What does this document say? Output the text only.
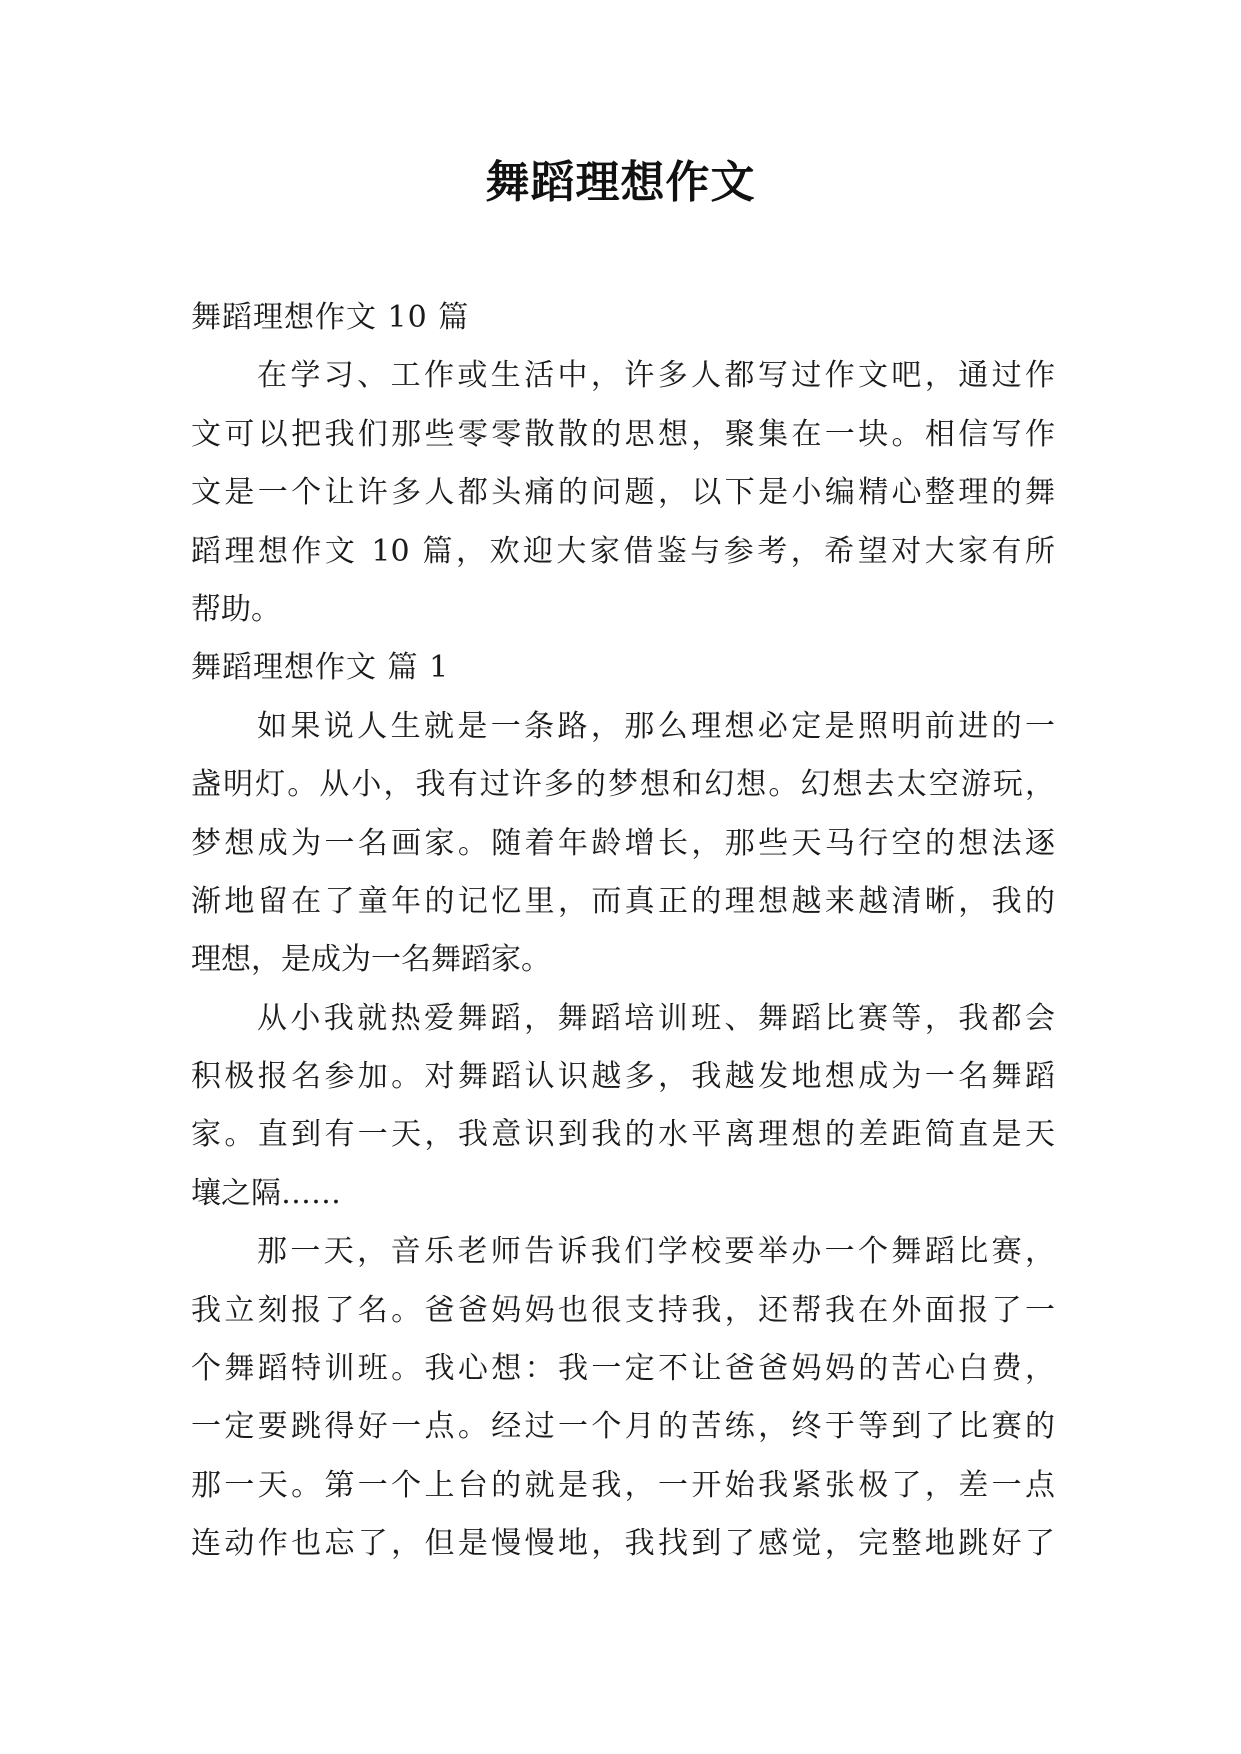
舞蹈理想作文
舞蹈理想作文 10 篇
在学习、工作或生活中，许多人都写过作文吧，通过作
文可以把我们那些零零散散的思想，聚集在一块。相信写作
文是一个让许多人都头痛的问题，以下是小编精心整理的舞
蹈理想作文 10 篇，欢迎大家借鉴与参考，希望对大家有所
帮助。
舞蹈理想作文 篇 1
如果说人生就是一条路，那么理想必定是照明前进的一
盏明灯。从小，我有过许多的梦想和幻想。幻想去太空游玩，
梦想成为一名画家。随着年龄增长，那些天马行空的想法逐
渐地留在了童年的记忆里，而真正的理想越来越清晰，我的
理想，是成为一名舞蹈家。
从小我就热爱舞蹈，舞蹈培训班、舞蹈比赛等，我都会
积极报名参加。对舞蹈认识越多，我越发地想成为一名舞蹈
家。直到有一天，我意识到我的水平离理想的差距简直是天
壤之隔……
那一天，音乐老师告诉我们学校要举办一个舞蹈比赛，
我立刻报了名。爸爸妈妈也很支持我，还帮我在外面报了一
个舞蹈特训班。我心想：我一定不让爸爸妈妈的苦心白费，
一定要跳得好一点。经过一个月的苦练，终于等到了比赛的
那一天。第一个上台的就是我，一开始我紧张极了，差一点
连动作也忘了，但是慢慢地，我找到了感觉，完整地跳好了
